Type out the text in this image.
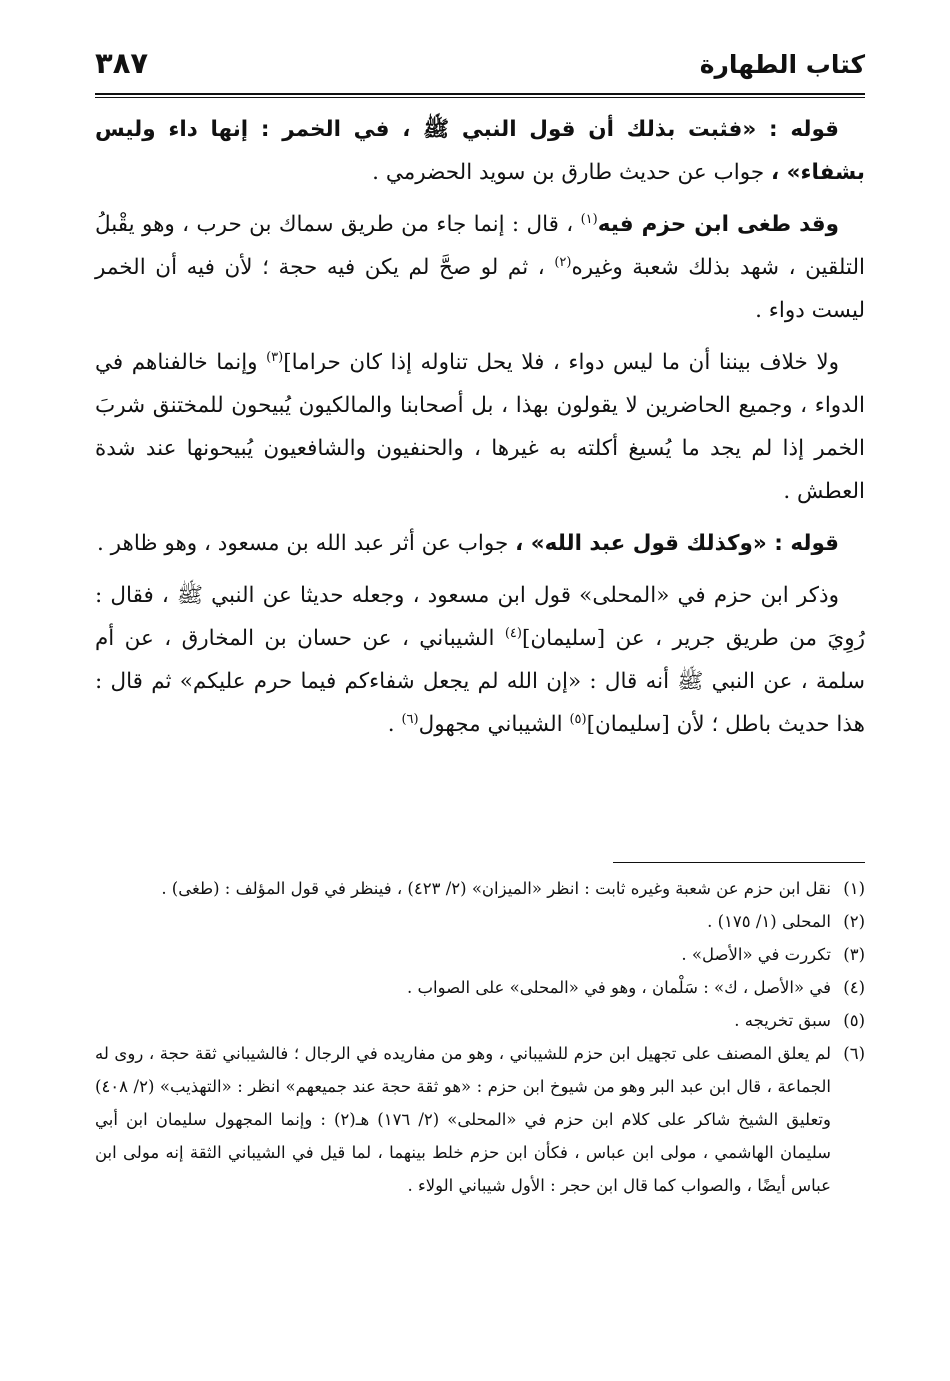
كتاب الطهارة
٣٨٧

قوله : «فثبت بذلك أن قول النبي ﷺ ، في الخمر : إنها داء وليس بشفاء» ، جواب عن حديث طارق بن سويد الحضرمي .

وقد طغى ابن حزم فيه$^{(١)}$ ، قال : إنما جاء من طريق سماك بن حرب ، وهو يقْبلُ التلقين ، شهد بذلك شعبة وغيره$^{(٢)}$ ، ثم لو صحَّ لم يكن فيه حجة ؛ لأن فيه أن الخمر ليست دواء .

ولا خلاف بيننا أن ما ليس دواء ، فلا يحل تناوله إذا كان حراما]$^{(٣)}$ وإنما خالفناهم في الدواء ، وجميع الحاضرين لا يقولون بهذا ، بل أصحابنا والمالكيون يُبيحون للمختنق شربَ الخمر إذا لم يجد ما يُسيغ أكلته به غيرها ، والحنفيون والشافعيون يُبيحونها عند شدة العطش .

قوله : «وكذلك قول عبد الله» ، جواب عن أثر عبد الله بن مسعود ، وهو ظاهر .

وذكر ابن حزم في «المحلى» قول ابن مسعود ، وجعله حديثا عن النبي ﷺ ، فقال : رُوِيَ من طريق جرير ، عن [سليمان]$^{(٤)}$ الشيباني ، عن حسان بن المخارق ، عن أم سلمة ، عن النبي ﷺ أنه قال : «إن الله لم يجعل شفاءكم فيما حرم عليكم» ثم قال : هذا حديث باطل ؛ لأن [سليمان]$^{(٥)}$ الشيباني مجهول$^{(٦)}$ .

(١)
نقل ابن حزم عن شعبة وغيره ثابت : انظر «الميزان» (٢/ ٤٢٣) ، فينظر في قول المؤلف : (طغى) .
(٢)
المحلى (١/ ١٧٥) .
(٣)
تكررت في «الأصل» .
(٤)
في «الأصل ، ك» : سَلْمان ، وهو في «المحلى» على الصواب .
(٥)
سبق تخريجه .
(٦)
لم يعلق المصنف على تجهيل ابن حزم للشيباني ، وهو من مفاريده في الرجال ؛ فالشيباني ثقة حجة ، روى له الجماعة ، قال ابن عبد البر وهو من شيوخ ابن حزم : «هو ثقة حجة عند جميعهم» انظر : «التهذيب» (٢/ ٤٠٨) وتعليق الشيخ شاكر على كلام ابن حزم في «المحلى» (٢/ ١٧٦) هـ(٢) : وإنما المجهول سليمان ابن أبي سليمان الهاشمي ، مولى ابن عباس ، فكأن ابن حزم خلط بينهما ، لما قيل في الشيباني الثقة إنه مولى ابن عباس أيضًا ، والصواب كما قال ابن حجر : الأول شيباني الولاء .
